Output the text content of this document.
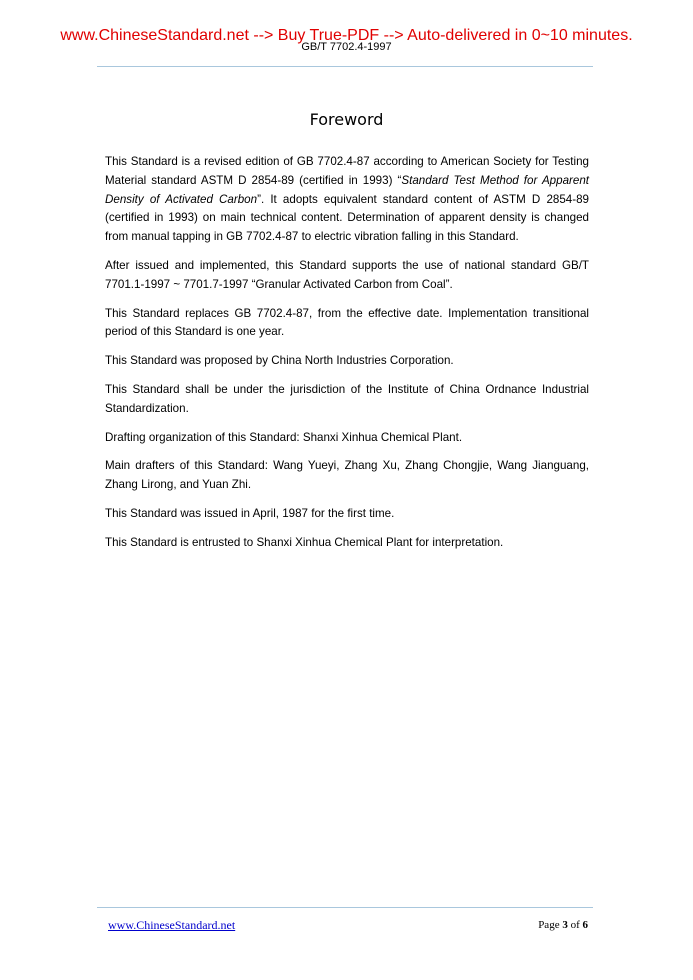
www.ChineseStandard.net --> Buy True-PDF --> Auto-delivered in 0~10 minutes.
GB/T 7702.4-1997
Foreword

This Standard is a revised edition of GB 7702.4-87 according to American Society for Testing Material standard ASTM D 2854-89 (certified in 1993) “Standard Test Method for Apparent Density of Activated Carbon”. It adopts equivalent standard content of ASTM D 2854-89 (certified in 1993) on main technical content. Determination of apparent density is changed from manual tapping in GB 7702.4-87 to electric vibration falling in this Standard.

After issued and implemented, this Standard supports the use of national standard GB/T 7701.1-1997 ~ 7701.7-1997 “Granular Activated Carbon from Coal”.

This Standard replaces GB 7702.4-87, from the effective date. Implementation transitional period of this Standard is one year.

This Standard was proposed by China North Industries Corporation.

This Standard shall be under the jurisdiction of the Institute of China Ordnance Industrial Standardization.

Drafting organization of this Standard: Shanxi Xinhua Chemical Plant.

Main drafters of this Standard: Wang Yueyi, Zhang Xu, Zhang Chongjie, Wang Jianguang, Zhang Lirong, and Yuan Zhi.

This Standard was issued in April, 1987 for the first time.

This Standard is entrusted to Shanxi Xinhua Chemical Plant for interpretation.

www.ChineseStandard.net	Page 3 of 6
